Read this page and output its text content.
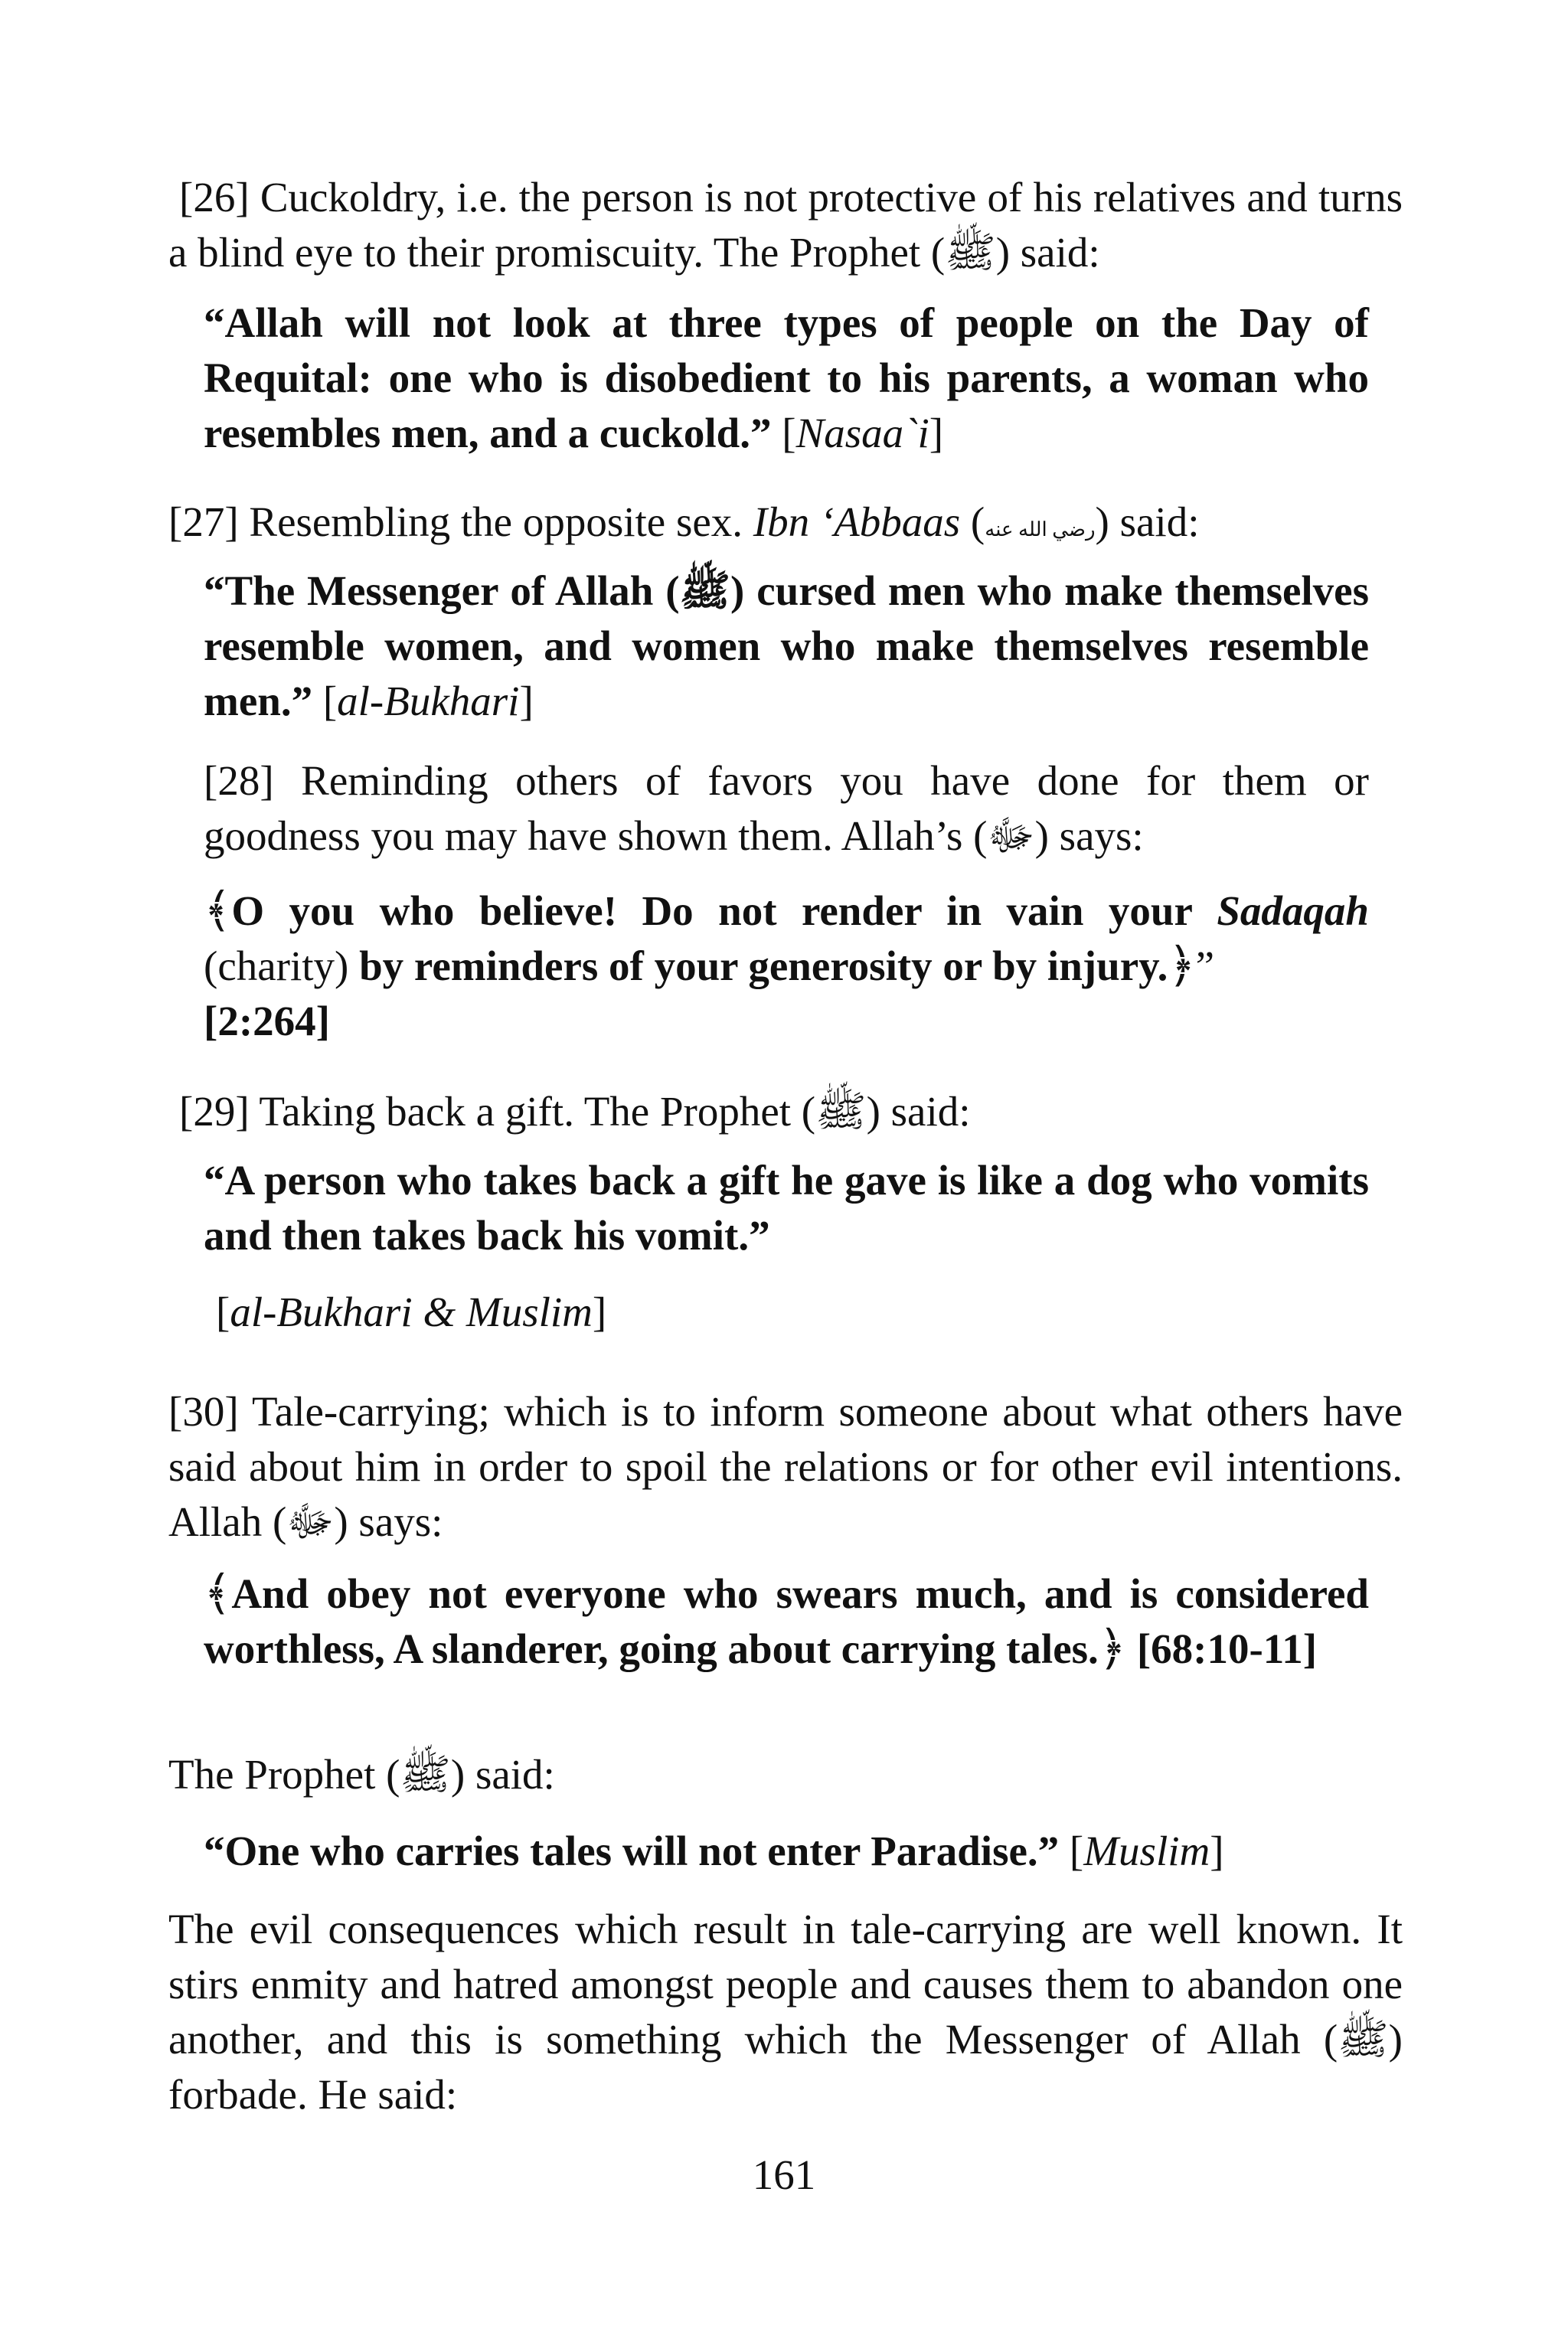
[26] Cuckoldry, i.e. the person is not protective of his relatives and turns a blind eye to their promiscuity. The Prophet (ﷺ) said:

“Allah will not look at three types of people on the Day of Requital: one who is disobedient to his parents, a woman who resembles men, and a cuckold.” [Nasaa`i]

[27] Resembling the opposite sex. Ibn ‘Abbaas (رضي الله عنه) said:

“The Messenger of Allah (ﷺ) cursed men who make themselves resemble women, and women who make themselves resemble men.” [al-Bukhari]

[28] Reminding others of favors you have done for them or goodness you may have shown them. Allah’s (ﷻ) says:

﴾O you who believe! Do not render in vain your Sadaqah (charity) by reminders of your generosity or by injury.﴿”
[2:264]

[29] Taking back a gift. The Prophet (ﷺ) said:

“A person who takes back a gift he gave is like a dog who vomits and then takes back his vomit.”

[al-Bukhari & Muslim]

[30] Tale-carrying; which is to inform someone about what others have said about him in order to spoil the relations or for other evil intentions. Allah (ﷻ) says:

﴾And obey not everyone who swears much, and is considered worthless, A slanderer, going about carrying tales.﴿ [68:10-11]

The Prophet (ﷺ) said:

“One who carries tales will not enter Paradise.” [Muslim]

The evil consequences which result in tale-carrying are well known. It stirs enmity and hatred amongst people and causes them to abandon one another, and this is something which the Messenger of Allah (ﷺ) forbade. He said:

161
